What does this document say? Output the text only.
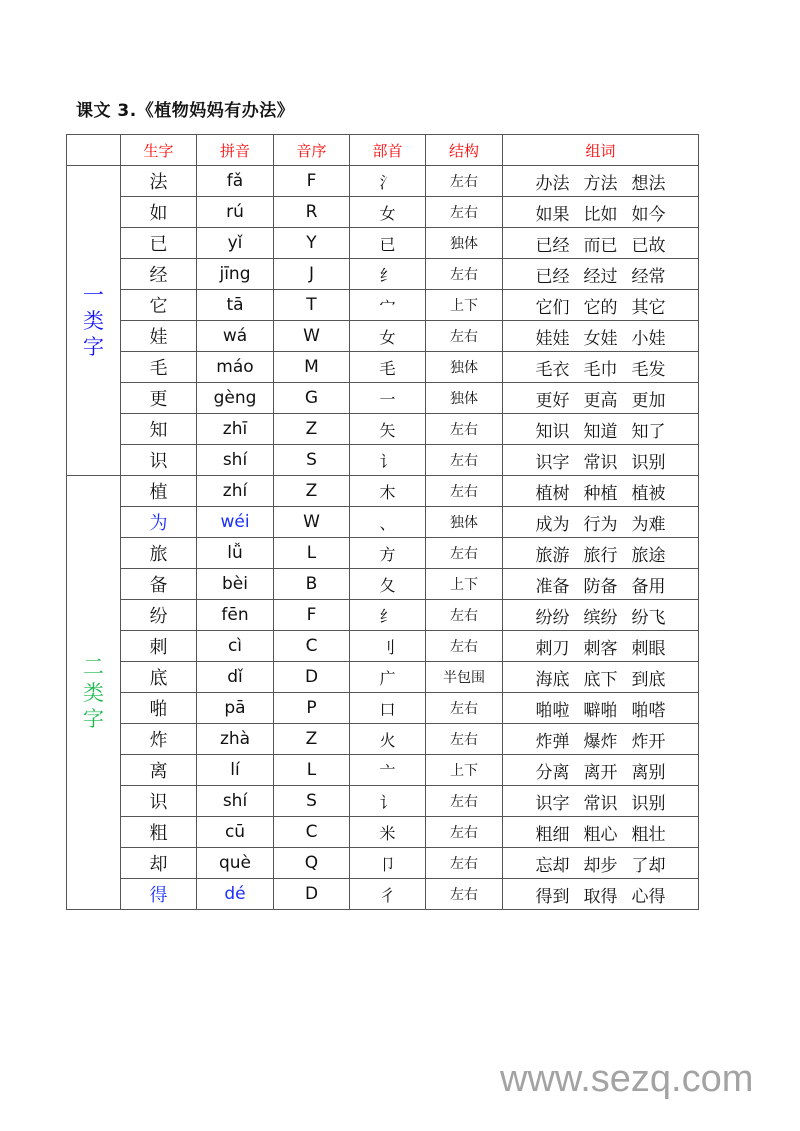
课文 3.《植物妈妈有办法》
	生字	拼音	音序	部首	结构	组词

一
类
字	法	fǎ	F	氵	左右	办法 方法 想法
	如	rú	R	女	左右	如果 比如 如今
	已	yǐ	Y	已	独体	已经 而已 已故
	经	jīng	J	纟	左右	已经 经过 经常
	它	tā	T	宀	上下	它们 它的 其它
	娃	wá	W	女	左右	娃娃 女娃 小娃
	毛	máo	M	毛	独体	毛衣 毛巾 毛发
	更	gèng	G	一	独体	更好 更高 更加
	知	zhī	Z	矢	左右	知识 知道 知了
	识	shí	S	讠	左右	识字 常识 识别

二
类
字	植	zhí	Z	木	左右	植树 种植 植被
	为	wéi	W	、	独体	成为 行为 为难
	旅	lǚ	L	方	左右	旅游 旅行 旅途
	备	bèi	B	夂	上下	准备 防备 备用
	纷	fēn	F	纟	左右	纷纷 缤纷 纷飞
	刺	cì	C	刂	左右	刺刀 刺客 刺眼
	底	dǐ	D	广	半包围	海底 底下 到底
	啪	pā	P	口	左右	啪啦 噼啪 啪嗒
	炸	zhà	Z	火	左右	炸弹 爆炸 炸开
	离	lí	L	亠	上下	分离 离开 离别
	识	shí	S	讠	左右	识字 常识 识别
	粗	cū	C	米	左右	粗细 粗心 粗壮
	却	què	Q	卩	左右	忘却 却步 了却
	得	dé	D	彳	左右	得到 取得 心得
www.sezq.com
